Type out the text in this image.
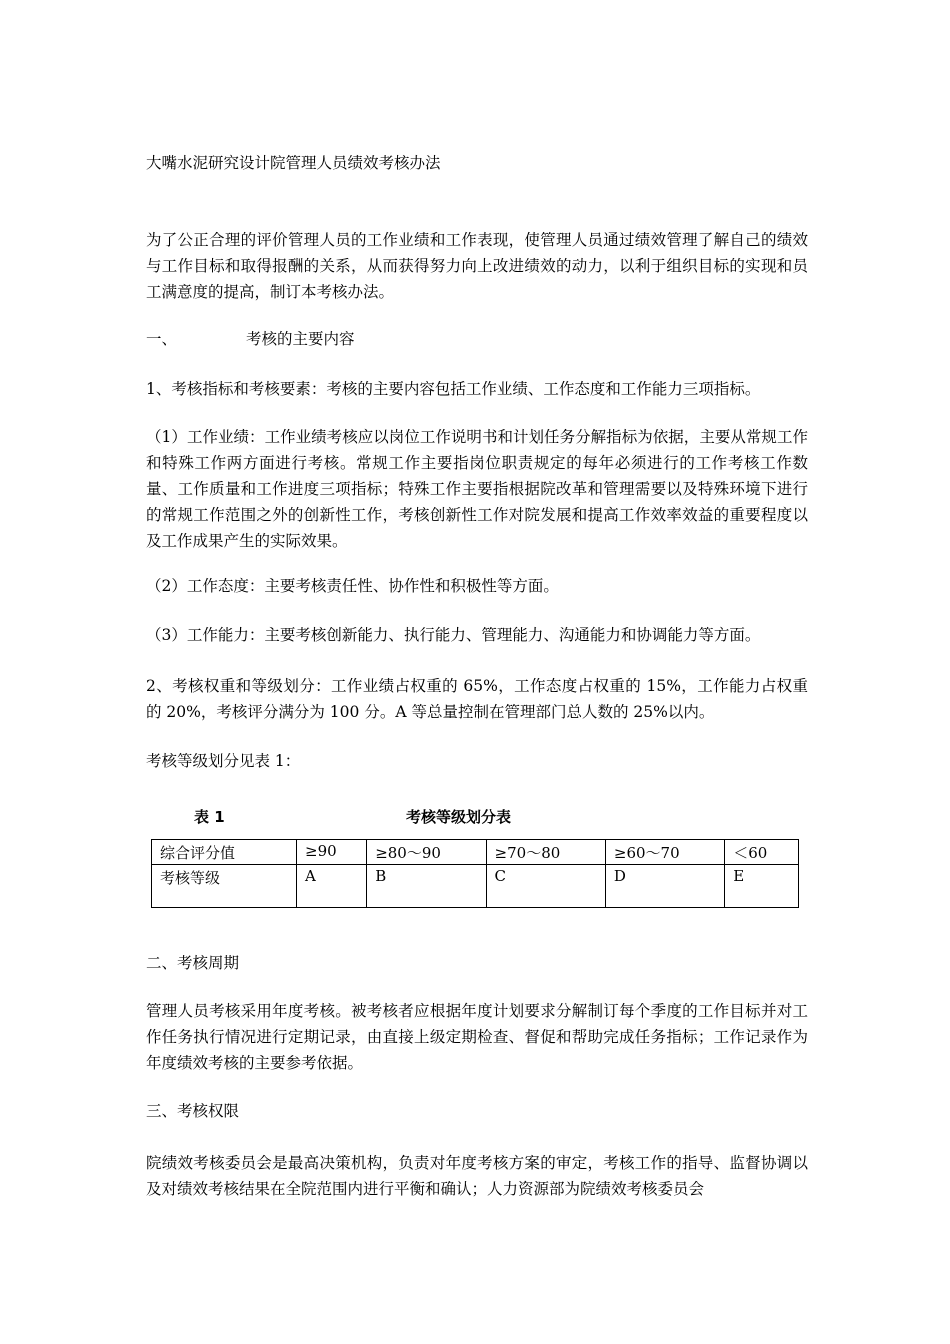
大嘴水泥研究设计院管理人员绩效考核办法
为了公正合理的评价管理人员的工作业绩和工作表现，使管理人员通过绩效管理了解自己的绩效与工作目标和取得报酬的关系，从而获得努力向上改进绩效的动力，以利于组织目标的实现和员工满意度的提高，制订本考核办法。
一、	考核的主要内容
1、考核指标和考核要素：考核的主要内容包括工作业绩、工作态度和工作能力三项指标。
（1）工作业绩：工作业绩考核应以岗位工作说明书和计划任务分解指标为依据，主要从常规工作和特殊工作两方面进行考核。常规工作主要指岗位职责规定的每年必须进行的工作考核工作数量、工作质量和工作进度三项指标；特殊工作主要指根据院改革和管理需要以及特殊环境下进行的常规工作范围之外的创新性工作，考核创新性工作对院发展和提高工作效率效益的重要程度以及工作成果产生的实际效果。
（2）工作态度：主要考核责任性、协作性和积极性等方面。
（3）工作能力：主要考核创新能力、执行能力、管理能力、沟通能力和协调能力等方面。
2、考核权重和等级划分：工作业绩占权重的 65%，工作态度占权重的 15%，工作能力占权重的 20%，考核评分满分为 100 分。A 等总量控制在管理部门总人数的 25%以内。
考核等级划分见表 1：
表 1	考核等级划分表
综合评分值	≥90	≥80～90	≥70～80	≥60～70	＜60
考核等级	A	B	C	D	E
二、考核周期
管理人员考核采用年度考核。被考核者应根据年度计划要求分解制订每个季度的工作目标并对工作任务执行情况进行定期记录，由直接上级定期检查、督促和帮助完成任务指标；工作记录作为年度绩效考核的主要参考依据。
三、考核权限
院绩效考核委员会是最高决策机构，负责对年度考核方案的审定，考核工作的指导、监督协调以及对绩效考核结果在全院范围内进行平衡和确认；人力资源部为院绩效考核委员会
